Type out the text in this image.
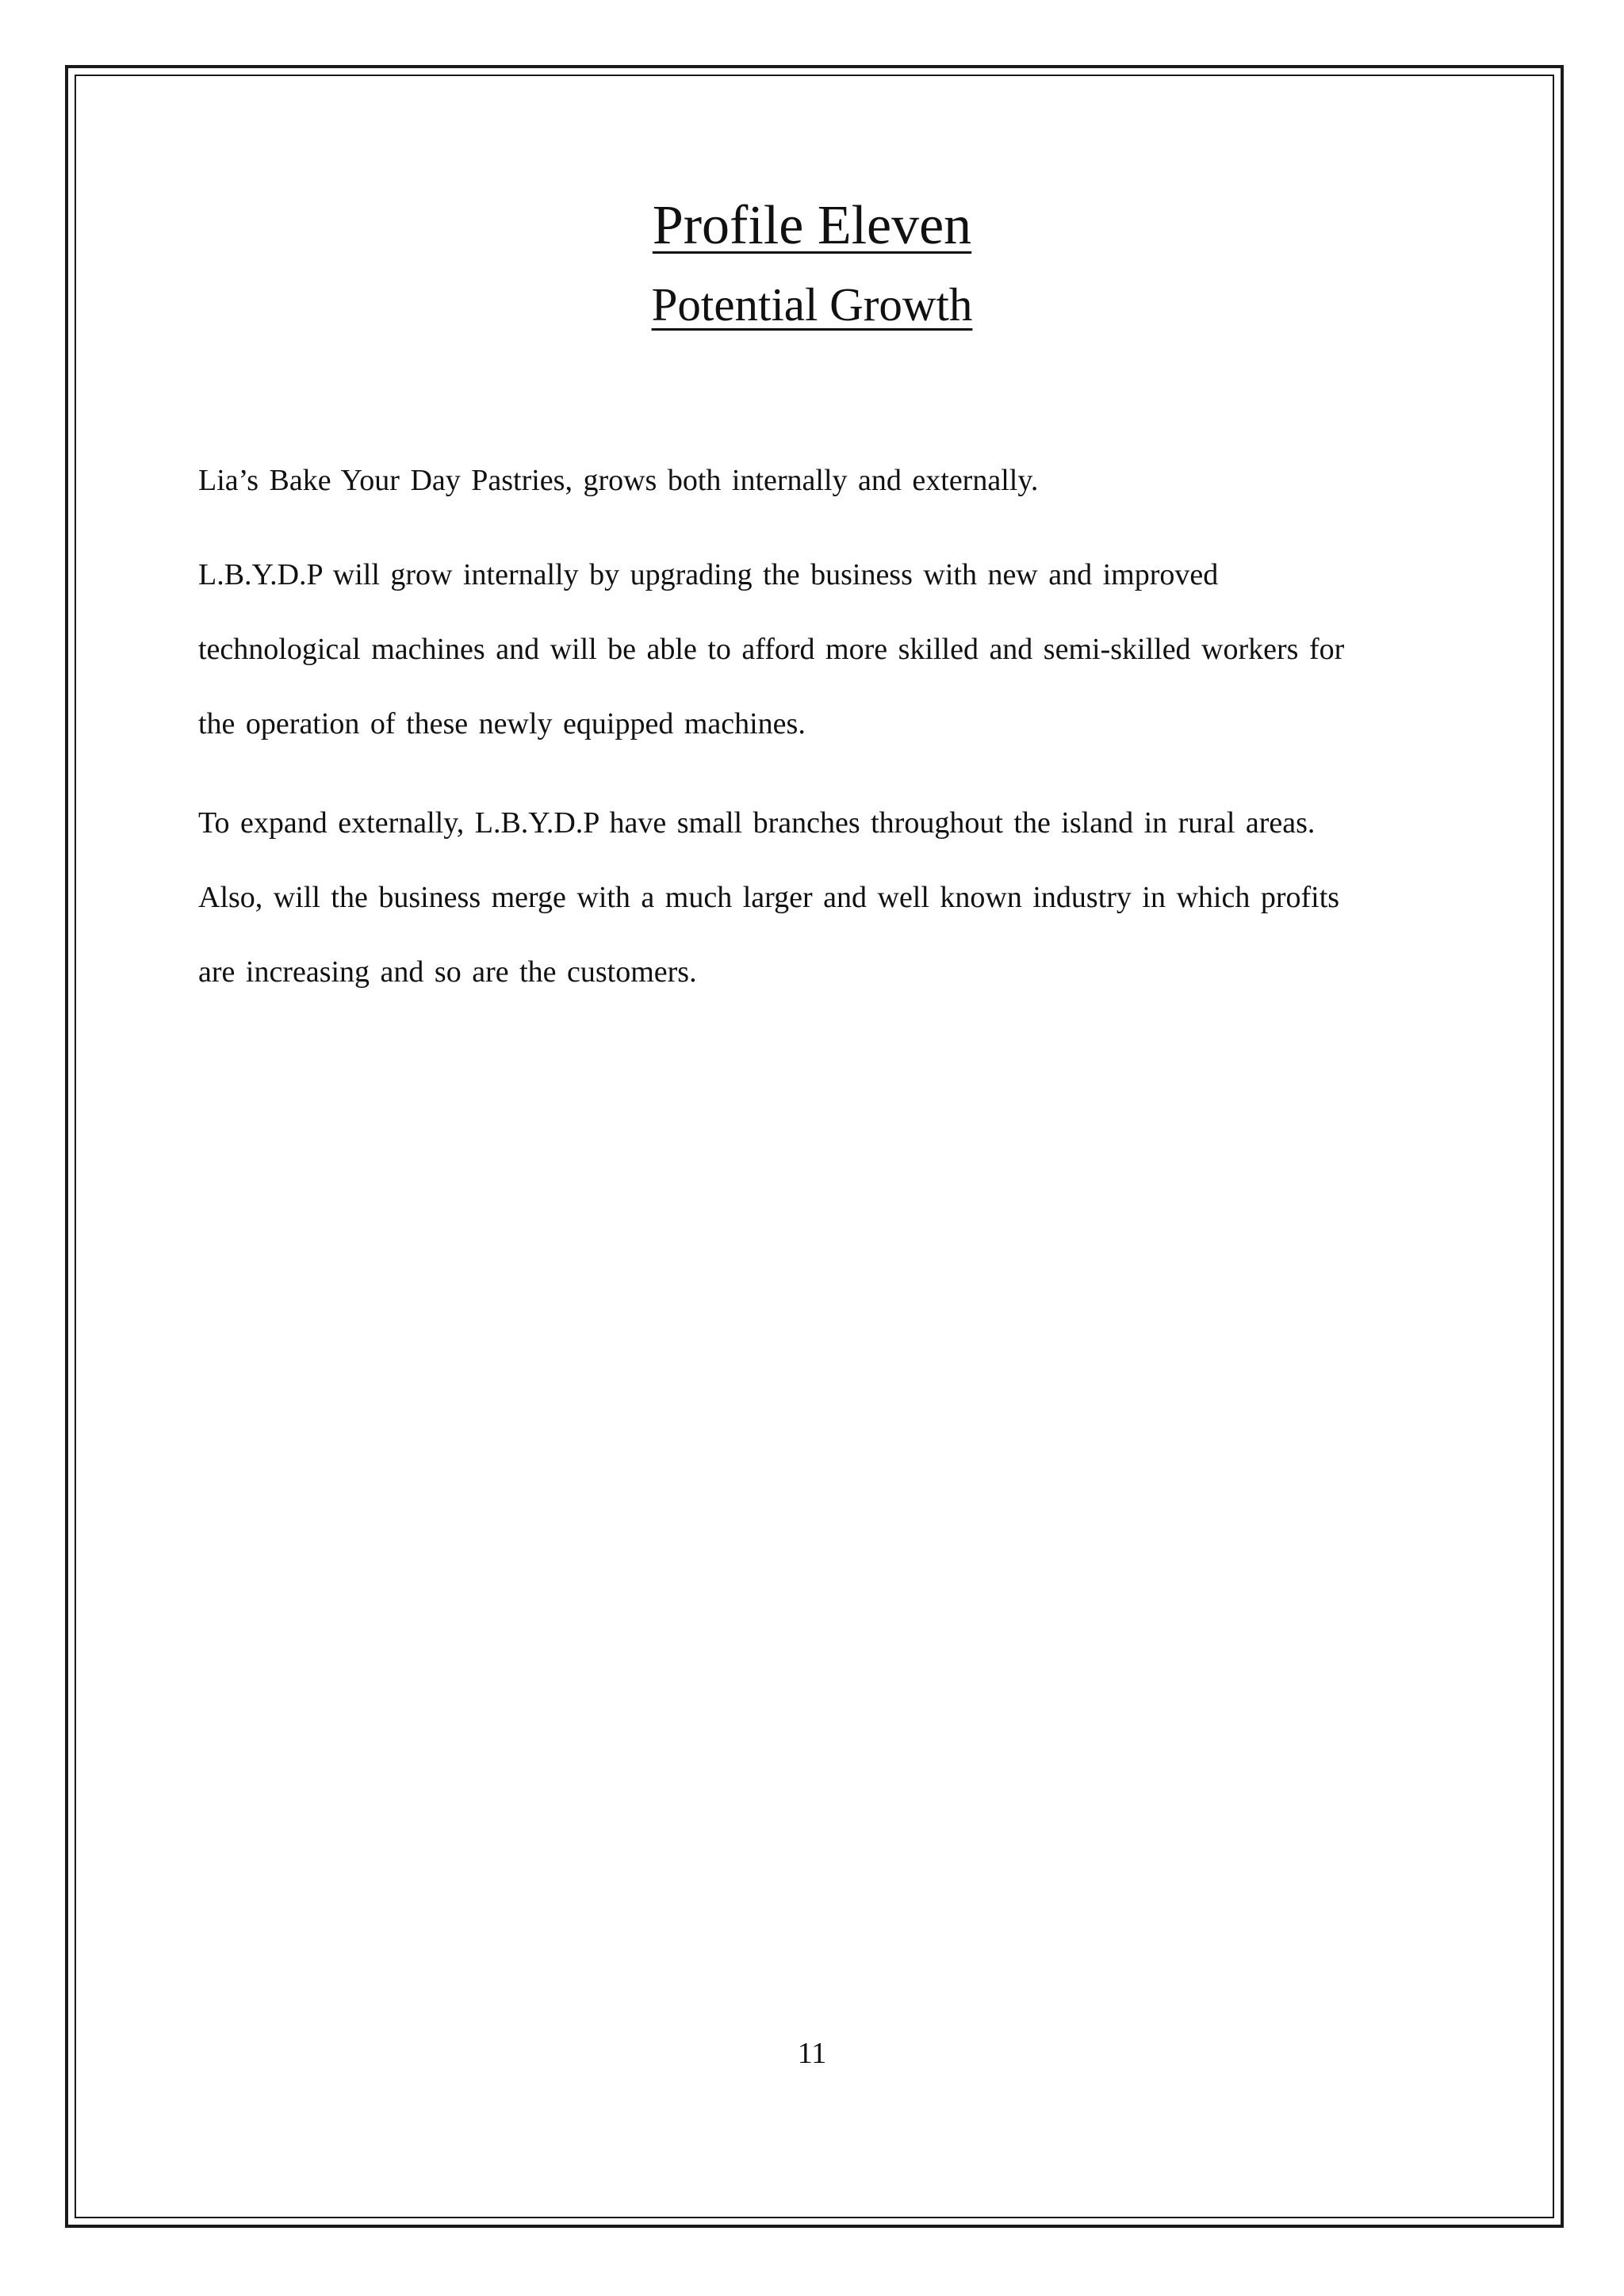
Profile Eleven
Potential Growth

Lia’s Bake Your Day Pastries, grows both internally and externally.

L.B.Y.D.P will grow internally by upgrading the business with new and improved
technological machines and will be able to afford more skilled and semi-skilled workers for
the operation of these newly equipped machines.

To expand externally, L.B.Y.D.P have small branches throughout the island in rural areas.
Also, will the business merge with a much larger and well known industry in which profits
are increasing and so are the customers.

11
